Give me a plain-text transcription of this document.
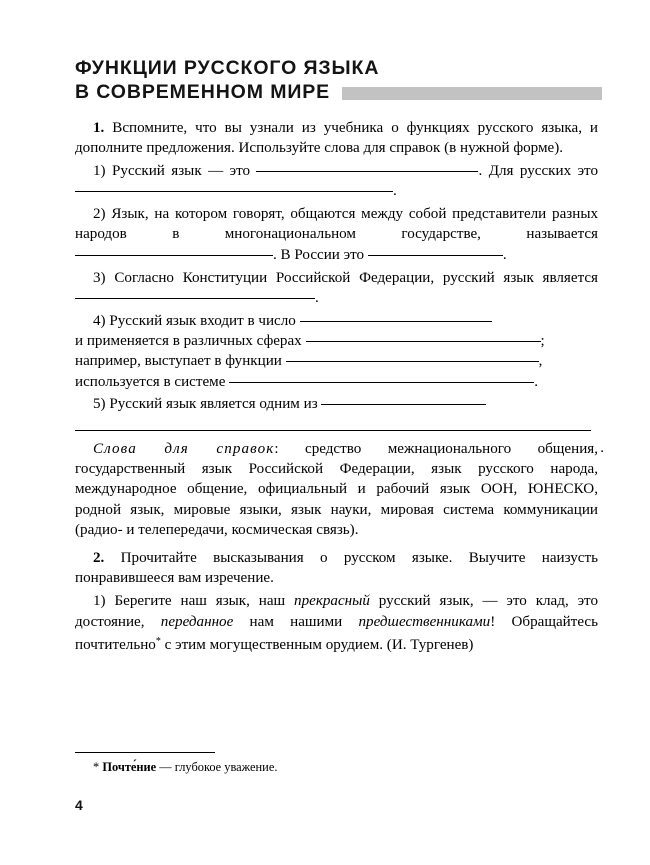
ФУНКЦИИ РУССКОГО ЯЗЫКА
В СОВРЕМЕННОМ МИРЕ

1. Вспомните, что вы узнали из учебника о функциях русского языка, и дополните предложения. Используйте слова для справок (в нужной форме).

1) Русский язык — это	. Для русских это .

2) Язык, на котором говорят, общаются между собой представители разных народов в многонациональном государстве, называется . В России это	.

3) Согласно Конституции Российской Федерации, русский язык является .

4) Русский язык входит в число
и применяется в различных сферах	;
например, выступает в функции	,
используется в системе	.

5) Русский язык является одним из

.

Слова для справок: средство межнационального общения, государственный язык Российской Федерации, язык русского народа, международное общение, официальный и рабочий язык ООН, ЮНЕСКО, родной язык, мировые языки, язык науки, мировая система коммуникации (радио- и телепередачи, космическая связь).

2. Прочитайте высказывания о русском языке. Выучите наизусть понравившееся вам изречение.

1) Берегите наш язык, наш прекрасный русский язык, — это клад, это достояние, переданное нам нашими предшественниками! Обращайтесь почтительно* с этим могущественным орудием. (И. Тургенев)

* Почте́ние — глубокое уважение.
4
